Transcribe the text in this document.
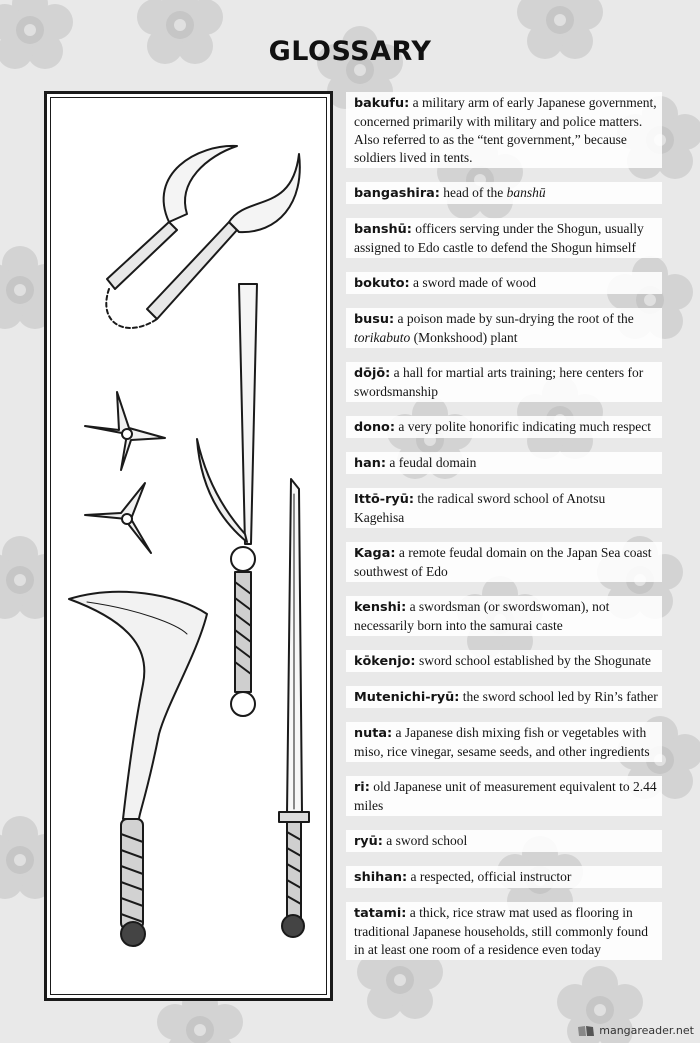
GLOSSARY

bakufu: a military arm of early Japanese government, concerned primarily with military and police matters. Also referred to as the “tent government,” because soldiers lived in tents.

bangashira: head of the banshū

banshū: officers serving under the Shogun, usually assigned to Edo castle to defend the Shogun himself

bokuto: a sword made of wood

busu: a poison made by sun-drying the root of the torikabuto (Monkshood) plant

dōjō: a hall for martial arts training; here centers for swordsmanship

dono: a very polite honorific indicating much respect

han: a feudal domain

Ittō-ryū: the radical sword school of Anotsu Kagehisa

Kaga: a remote feudal domain on the Japan Sea coast southwest of Edo

kenshi: a swordsman (or swordswoman), not necessarily born into the samurai caste

kōkenjo: sword school established by the Shogunate

Mutenichi-ryū: the sword school led by Rin’s father

nuta: a Japanese dish mixing fish or vegetables with miso, rice vinegar, sesame seeds, and other ingredients

ri: old Japanese unit of measurement equivalent to 2.44 miles

ryū: a sword school

shihan: a respected, official instructor

tatami: a thick, rice straw mat used as flooring in traditional Japanese households, still commonly found in at least one room of a residence even today

mangareader.net
